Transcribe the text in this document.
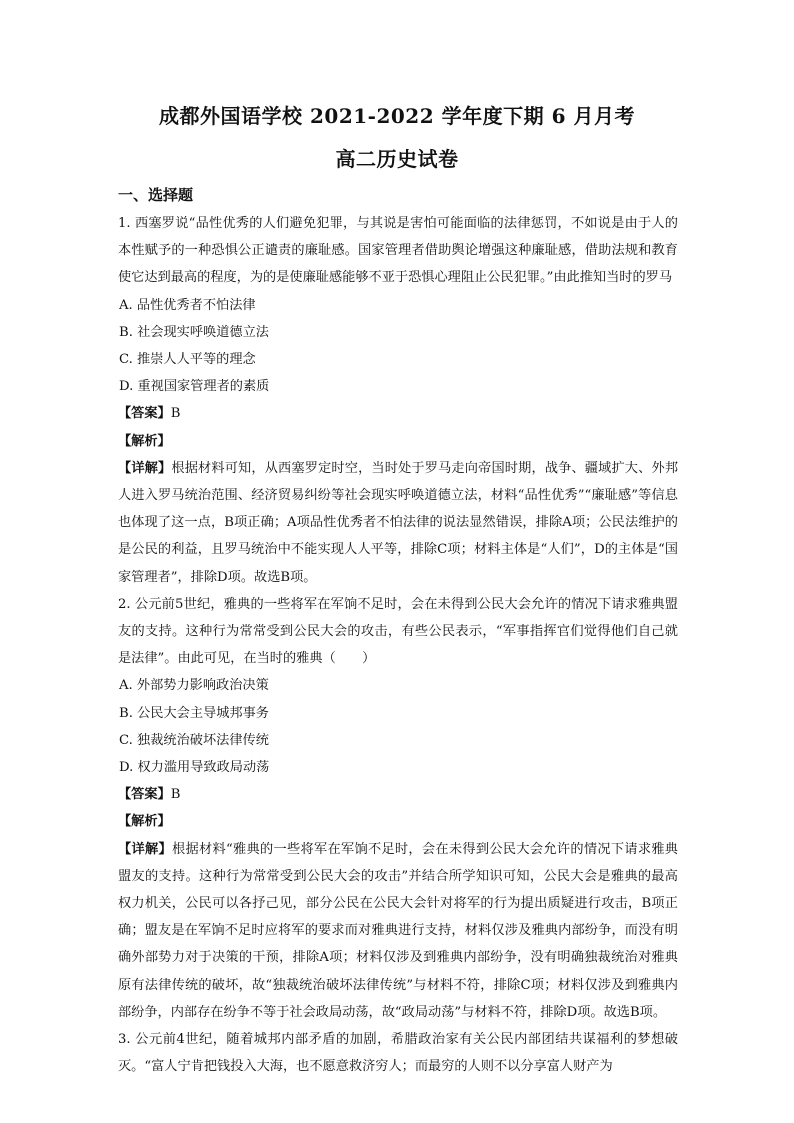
成都外国语学校 2021-2022 学年度下期 6 月月考
高二历史试卷
一、选择题

1. 西塞罗说“品性优秀的人们避免犯罪，与其说是害怕可能面临的法律惩罚，不如说是由于人的本性赋予的一种恐惧公正谴责的廉耻感。国家管理者借助舆论增强这种廉耻感，借助法规和教育使它达到最高的程度，为的是使廉耻感能够不亚于恐惧心理阻止公民犯罪。”由此推知当时的罗马

A. 品性优秀者不怕法律
B. 社会现实呼唤道德立法
C. 推崇人人平等的理念
D. 重视国家管理者的素质

【答案】B

【解析】

【详解】根据材料可知，从西塞罗定时空，当时处于罗马走向帝国时期，战争、疆域扩大、外邦人进入罗马统治范围、经济贸易纠纷等社会现实呼唤道德立法，材料“品性优秀”“廉耻感”等信息也体现了这一点，B项正确；A项品性优秀者不怕法律的说法显然错误，排除A项；公民法维护的是公民的利益，且罗马统治中不能实现人人平等，排除C项；材料主体是“人们”，D的主体是“国家管理者”，排除D项。故选B项。

2. 公元前5世纪，雅典的一些将军在军饷不足时，会在未得到公民大会允许的情况下请求雅典盟友的支持。这种行为常常受到公民大会的攻击，有些公民表示，“军事指挥官们觉得他们自己就是法律”。由此可见，在当时的雅典（　　）

A. 外部势力影响政治决策
B. 公民大会主导城邦事务
C. 独裁统治破坏法律传统
D. 权力滥用导致政局动荡

【答案】B

【解析】

【详解】根据材料“雅典的一些将军在军饷不足时，会在未得到公民大会允许的情况下请求雅典盟友的支持。这种行为常常受到公民大会的攻击”并结合所学知识可知，公民大会是雅典的最高权力机关，公民可以各抒己见，部分公民在公民大会针对将军的行为提出质疑进行攻击，B项正确；盟友是在军饷不足时应将军的要求而对雅典进行支持，材料仅涉及雅典内部纷争，而没有明确外部势力对于决策的干预，排除A项；材料仅涉及到雅典内部纷争，没有明确独裁统治对雅典原有法律传统的破坏，故“独裁统治破坏法律传统”与材料不符，排除C项；材料仅涉及到雅典内部纷争，内部存在纷争不等于社会政局动荡，故“政局动荡”与材料不符，排除D项。故选B项。

3. 公元前4世纪，随着城邦内部矛盾的加剧，希腊政治家有关公民内部团结共谋福利的梦想破灭。“富人宁肯把钱投入大海，也不愿意救济穷人；而最穷的人则不以分享富人财产为
